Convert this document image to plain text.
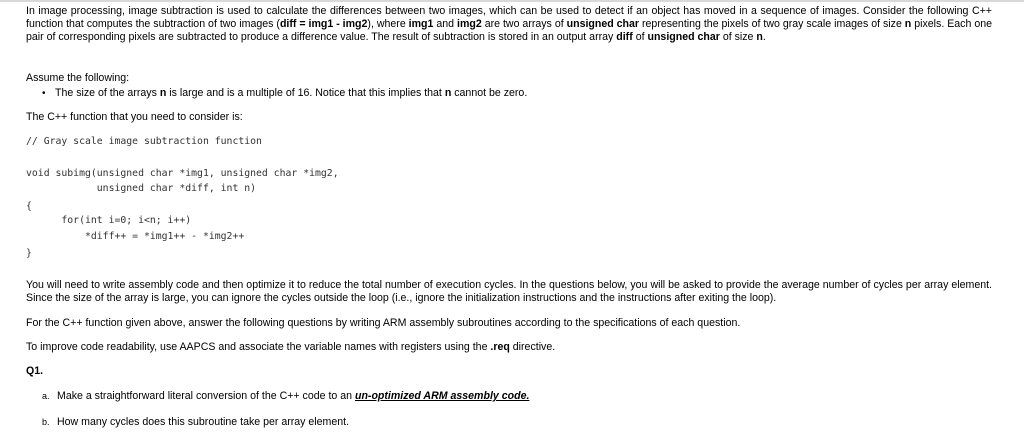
In image processing, image subtraction is used to calculate the differences between two images, which can be used to detect if an object has moved in a sequence of images. Consider the following C++ function that computes the subtraction of two images (diff = img1 - img2), where img1 and img2 are two arrays of unsigned char representing the pixels of two gray scale images of size n pixels. Each one pair of corresponding pixels are subtracted to produce a difference value. The result of subtraction is stored in an output array diff of unsigned char of size n.
Assume the following:
• The size of the arrays n is large and is a multiple of 16. Notice that this implies that n cannot be zero.
The C++ function that you need to consider is:
// Gray scale image subtraction function
void subimg(unsigned char *img1, unsigned char *img2,
unsigned char *diff, int n)
{
for(int i=0; i<n; i++)
*diff++ = *img1++ - *img2++
}
You will need to write assembly code and then optimize it to reduce the total number of execution cycles. In the questions below, you will be asked to provide the average number of cycles per array element. Since the size of the array is large, you can ignore the cycles outside the loop (i.e., ignore the initialization instructions and the instructions after exiting the loop).
For the C++ function given above, answer the following questions by writing ARM assembly subroutines according to the specifications of each question.
To improve code readability, use AAPCS and associate the variable names with registers using the .req directive.
Q1.
a. Make a straightforward literal conversion of the C++ code to an un-optimized ARM assembly code.
b. How many cycles does this subroutine take per array element.
